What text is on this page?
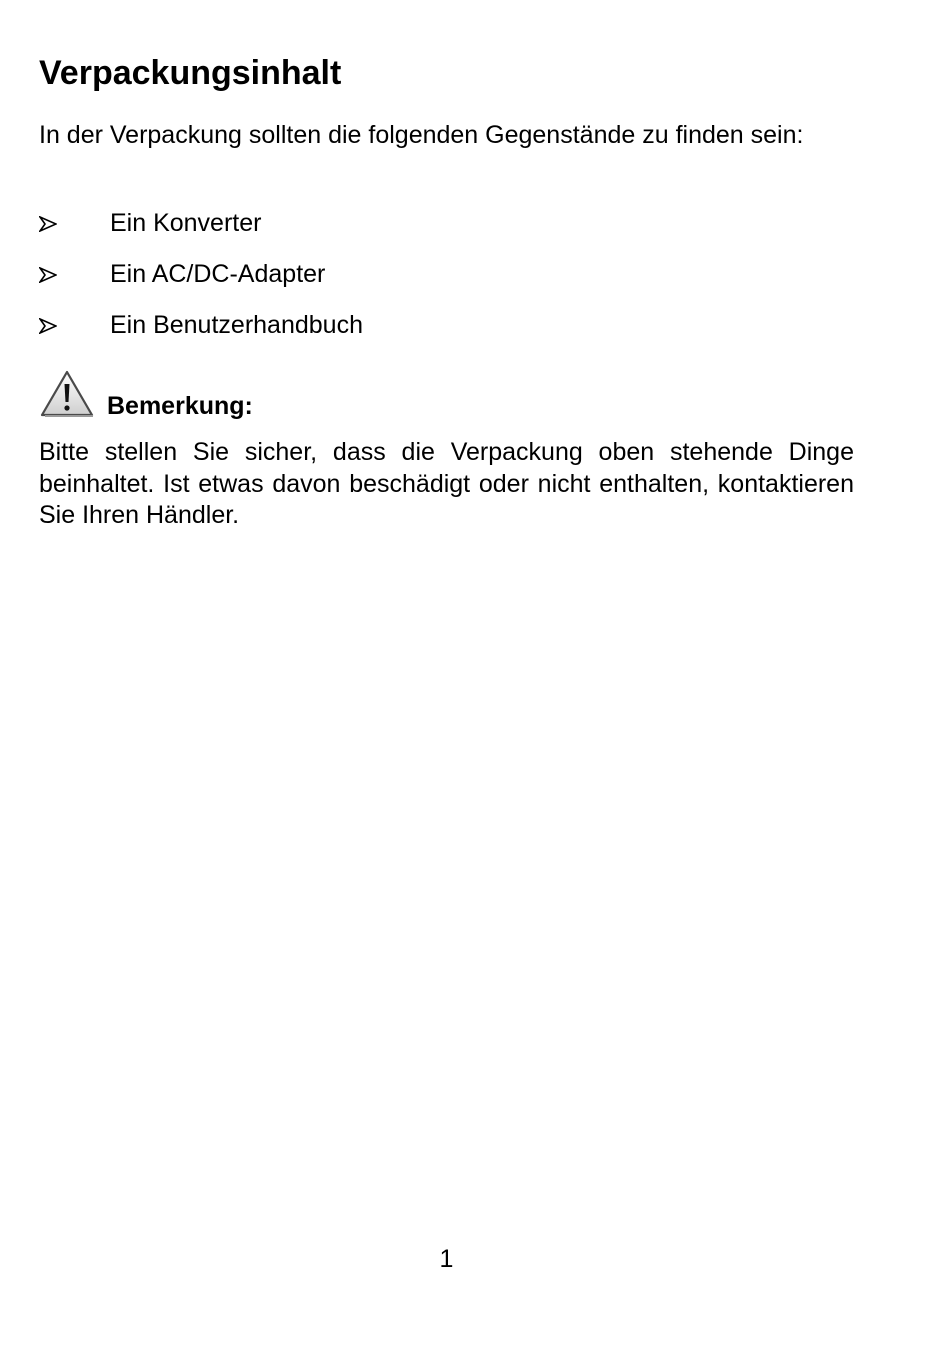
Verpackungsinhalt

In der Verpackung sollten die folgenden Gegenstände zu finden sein:

Ein Konverter
Ein AC/DC-Adapter
Ein Benutzerhandbuch
Bemerkung:

Bitte stellen Sie sicher, dass die Verpackung oben stehende Dinge beinhaltet. Ist etwas davon beschädigt oder nicht enthalten, kontaktieren Sie Ihren Händler.

1
